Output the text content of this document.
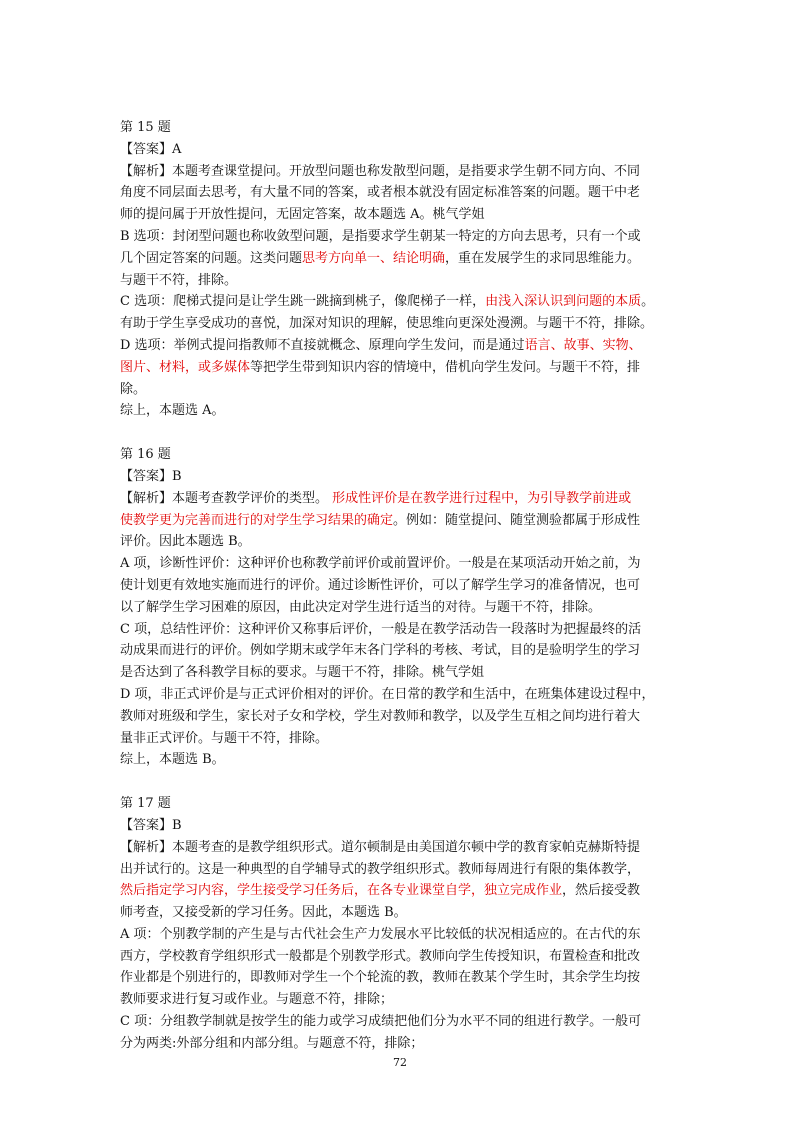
第 15 题
【答案】A
【解析】本题考查课堂提问。开放型问题也称发散型问题，是指要求学生朝不同方向、不同
角度不同层面去思考，有大量不同的答案，或者根本就没有固定标准答案的问题。题干中老
师的提问属于开放性提问，无固定答案，故本题选 A。桃气学姐
B 选项：封闭型问题也称收敛型问题，是指要求学生朝某一特定的方向去思考，只有一个或
几个固定答案的问题。这类问题思考方向单一、结论明确，重在发展学生的求同思维能力。
与题干不符，排除。
C 选项：爬梯式提问是让学生跳一跳摘到桃子，像爬梯子一样，由浅入深认识到问题的本质。
有助于学生享受成功的喜悦，加深对知识的理解，使思维向更深处漫溯。与题干不符，排除。
D 选项：举例式提问指教师不直接就概念、原理向学生发问，而是通过语言、故事、实物、
图片、材料，或多媒体等把学生带到知识内容的情境中，借机向学生发问。与题干不符，排
除。
综上，本题选 A。
第 16 题
【答案】B
【解析】本题考查教学评价的类型。 形成性评价是在教学进行过程中，为引导教学前进或
使教学更为完善而进行的对学生学习结果的确定。例如：随堂提问、随堂测验都属于形成性
评价。因此本题选 B。
A 项，诊断性评价：这种评价也称教学前评价或前置评价。一般是在某项活动开始之前，为
使计划更有效地实施而进行的评价。通过诊断性评价，可以了解学生学习的准备情况，也可
以了解学生学习困难的原因，由此决定对学生进行适当的对待。与题干不符，排除。
C 项，总结性评价：这种评价又称事后评价，一般是在教学活动告一段落时为把握最终的活
动成果而进行的评价。例如学期末或学年末各门学科的考核、考试，目的是验明学生的学习
是否达到了各科教学目标的要求。与题干不符，排除。桃气学姐
D 项，非正式评价是与正式评价相对的评价。在日常的教学和生活中，在班集体建设过程中，
教师对班级和学生，家长对子女和学校，学生对教师和教学，以及学生互相之间均进行着大
量非正式评价。与题干不符，排除。
综上，本题选 B。
第 17 题
【答案】B
【解析】本题考查的是教学组织形式。道尔顿制是由美国道尔顿中学的教育家帕克赫斯特提
出并试行的。这是一种典型的自学辅导式的教学组织形式。教师每周进行有限的集体教学，
然后指定学习内容，学生接受学习任务后，在各专业课堂自学，独立完成作业，然后接受教
师考查，又接受新的学习任务。因此，本题选 B。
A 项：个别教学制的产生是与古代社会生产力发展水平比较低的状况相适应的。在古代的东
西方，学校教育学组织形式一般都是个别教学形式。教师向学生传授知识，布置检查和批改
作业都是个别进行的，即教师对学生一个个轮流的教，教师在教某个学生时，其余学生均按
教师要求进行复习或作业。与题意不符，排除；
C 项：分组教学制就是按学生的能力或学习成绩把他们分为水平不同的组进行教学。一般可
分为两类:外部分组和内部分组。与题意不符，排除；
72
